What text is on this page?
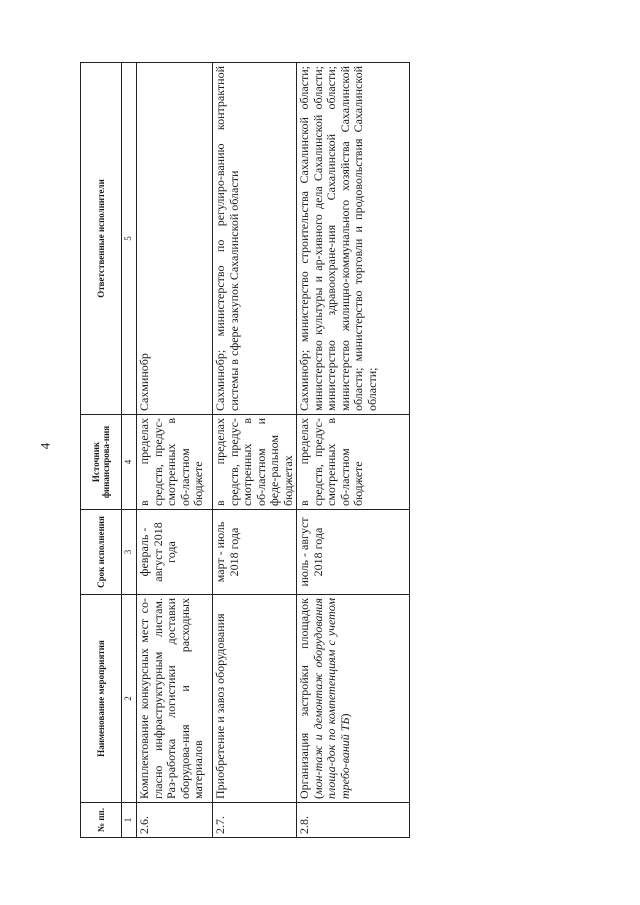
4
№ пп.	Наименование мероприятия	Срок исполнения	Источник финансирова-ния	Ответственные исполнители
1	2	3	4	5
2.6.	Комплектование конкурсных мест со-гласно инфраструктурным листам. Раз-работка логистики доставки оборудова-ния и расходных материалов	февраль - август 2018 года	в пределах средств, предус-смотренных в об-ластном бюджете	Сахминобр
2.7.	Приобретение и завоз оборудования	март - июль 2018 года	в пределах средств, предус-смотренных в об-ластном и феде-ральном бюджетах	Сахминобр; министерство по регулиро-ванию контрактной системы в сфере закупок Сахалинской области
2.8.	Организация застройки площадок (мон-таж и демонтаж оборудования площа-док по компетенциям с учетом требо-ваний ТБ)	июль - август 2018 года	в пределах средств, предус-смотренных в об-ластном бюджете	Сахминобр; министерство строительства Сахалинской области; министерство культуры и ар-хивного дела Сахалинской области; министерство здравоохране-ния Сахалинской области; министерство жилищно-коммунального хозяйства Сахалинской области; министерство торговли и продовольствия Сахалинской области;
